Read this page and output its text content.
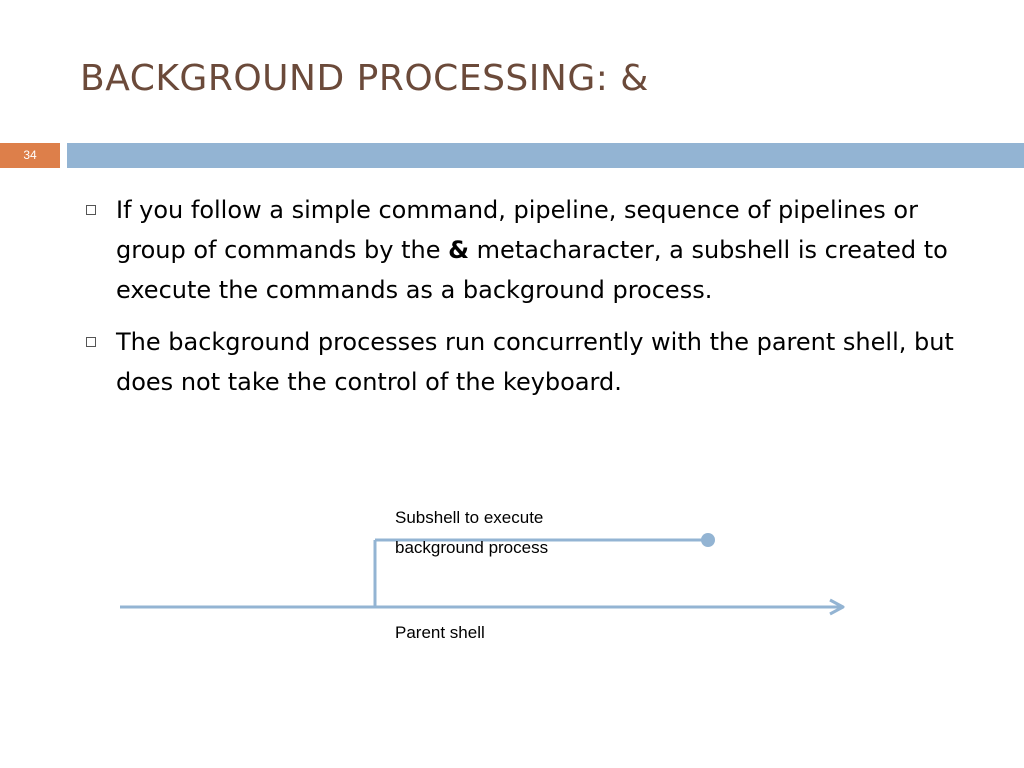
BACKGROUND PROCESSING: &
34
If you follow a simple command, pipeline, sequence of pipelines or group of commands by the & metacharacter, a subshell is created to execute the commands as a background process.
The background processes run concurrently with the parent shell, but does not take the control of the keyboard.
Subshell to execute
background process
Parent shell
